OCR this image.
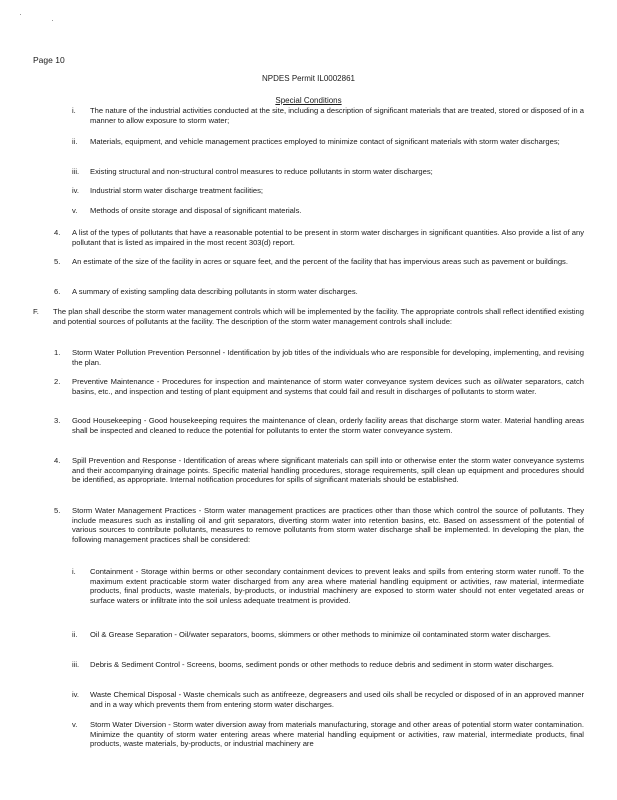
Page 10
NPDES Permit IL0002861
Special Conditions
i. The nature of the industrial activities conducted at the site, including a description of significant materials that are treated, stored or disposed of in a manner to allow exposure to storm water;
ii. Materials, equipment, and vehicle management practices employed to minimize contact of significant materials with storm water discharges;
iii. Existing structural and non-structural control measures to reduce pollutants in storm water discharges;
iv. Industrial storm water discharge treatment facilities;
v. Methods of onsite storage and disposal of significant materials.
4. A list of the types of pollutants that have a reasonable potential to be present in storm water discharges in significant quantities. Also provide a list of any pollutant that is listed as impaired in the most recent 303(d) report.
5. An estimate of the size of the facility in acres or square feet, and the percent of the facility that has impervious areas such as pavement or buildings.
6. A summary of existing sampling data describing pollutants in storm water discharges.
F. The plan shall describe the storm water management controls which will be implemented by the facility. The appropriate controls shall reflect identified existing and potential sources of pollutants at the facility. The description of the storm water management controls shall include:
1. Storm Water Pollution Prevention Personnel - Identification by job titles of the individuals who are responsible for developing, implementing, and revising the plan.
2. Preventive Maintenance - Procedures for inspection and maintenance of storm water conveyance system devices such as oil/water separators, catch basins, etc., and inspection and testing of plant equipment and systems that could fail and result in discharges of pollutants to storm water.
3. Good Housekeeping - Good housekeeping requires the maintenance of clean, orderly facility areas that discharge storm water. Material handling areas shall be inspected and cleaned to reduce the potential for pollutants to enter the storm water conveyance system.
4. Spill Prevention and Response - Identification of areas where significant materials can spill into or otherwise enter the storm water conveyance systems and their accompanying drainage points. Specific material handling procedures, storage requirements, spill clean up equipment and procedures should be identified, as appropriate. Internal notification procedures for spills of significant materials should be established.
5. Storm Water Management Practices - Storm water management practices are practices other than those which control the source of pollutants. They include measures such as installing oil and grit separators, diverting storm water into retention basins, etc. Based on assessment of the potential of various sources to contribute pollutants, measures to remove pollutants from storm water discharge shall be implemented. In developing the plan, the following management practices shall be considered:
i. Containment - Storage within berms or other secondary containment devices to prevent leaks and spills from entering storm water runoff. To the maximum extent practicable storm water discharged from any area where material handling equipment or activities, raw material, intermediate products, final products, waste materials, by-products, or industrial machinery are exposed to storm water should not enter vegetated areas or surface waters or infiltrate into the soil unless adequate treatment is provided.
ii. Oil & Grease Separation - Oil/water separators, booms, skimmers or other methods to minimize oil contaminated storm water discharges.
iii. Debris & Sediment Control - Screens, booms, sediment ponds or other methods to reduce debris and sediment in storm water discharges.
iv. Waste Chemical Disposal - Waste chemicals such as antifreeze, degreasers and used oils shall be recycled or disposed of in an approved manner and in a way which prevents them from entering storm water discharges.
v. Storm Water Diversion - Storm water diversion away from materials manufacturing, storage and other areas of potential storm water contamination. Minimize the quantity of storm water entering areas where material handling equipment or activities, raw material, intermediate products, final products, waste materials, by-products, or industrial machinery are
